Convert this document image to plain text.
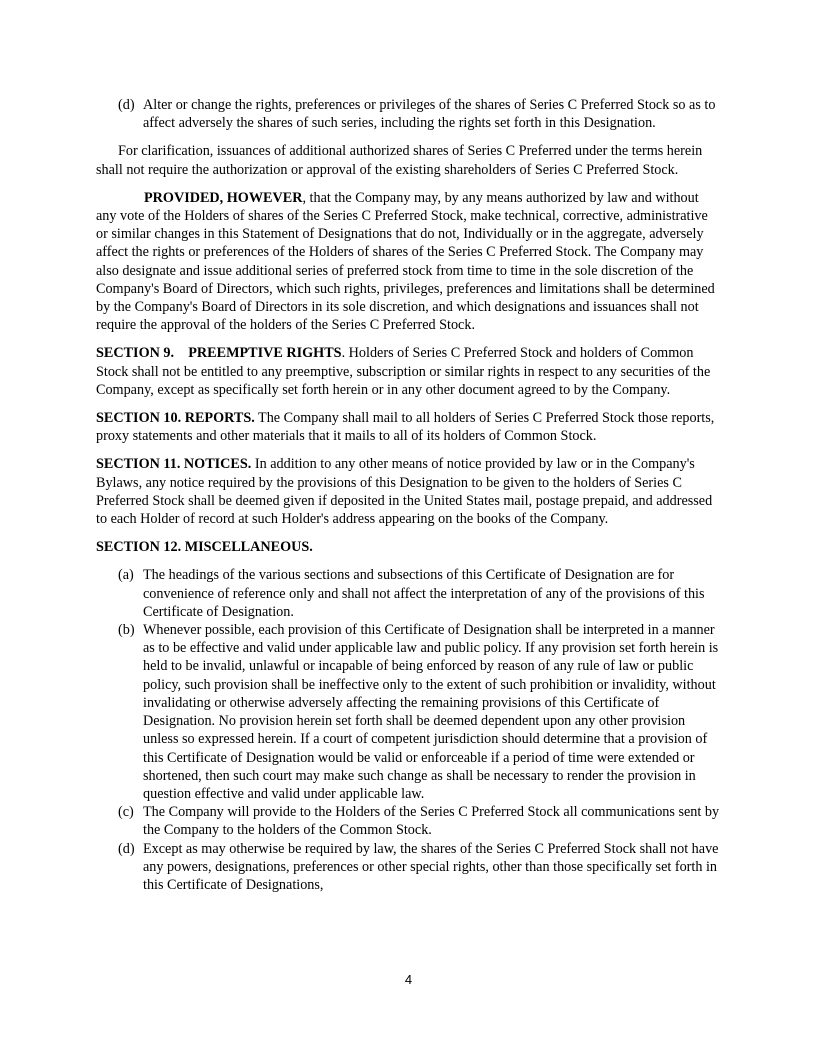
(d) Alter or change the rights, preferences or privileges of the shares of Series C Preferred Stock so as to affect adversely the shares of such series, including the rights set forth in this Designation.

For clarification, issuances of additional authorized shares of Series C Preferred under the terms herein shall not require the authorization or approval of the existing shareholders of Series C Preferred Stock.

PROVIDED, HOWEVER, that the Company may, by any means authorized by law and without any vote of the Holders of shares of the Series C Preferred Stock, make technical, corrective, administrative or similar changes in this Statement of Designations that do not, Individually or in the aggregate, adversely affect the rights or preferences of the Holders of shares of the Series C Preferred Stock. The Company may also designate and issue additional series of preferred stock from time to time in the sole discretion of the Company's Board of Directors, which such rights, privileges, preferences and limitations shall be determined by the Company's Board of Directors in its sole discretion, and which designations and issuances shall not require the approval of the holders of the Series C Preferred Stock.

SECTION 9.    PREEMPTIVE RIGHTS. Holders of Series C Preferred Stock and holders of Common Stock shall not be entitled to any preemptive, subscription or similar rights in respect to any securities of the Company, except as specifically set forth herein or in any other document agreed to by the Company.

SECTION 10. REPORTS. The Company shall mail to all holders of Series C Preferred Stock those reports, proxy statements and other materials that it mails to all of its holders of Common Stock.

SECTION 11. NOTICES. In addition to any other means of notice provided by law or in the Company's Bylaws, any notice required by the provisions of this Designation to be given to the holders of Series C Preferred Stock shall be deemed given if deposited in the United States mail, postage prepaid, and addressed to each Holder of record at such Holder's address appearing on the books of the Company.

SECTION 12. MISCELLANEOUS.

(a) The headings of the various sections and subsections of this Certificate of Designation are for convenience of reference only and shall not affect the interpretation of any of the provisions of this Certificate of Designation.
(b) Whenever possible, each provision of this Certificate of Designation shall be interpreted in a manner as to be effective and valid under applicable law and public policy. If any provision set forth herein is held to be invalid, unlawful or incapable of being enforced by reason of any rule of law or public policy, such provision shall be ineffective only to the extent of such prohibition or invalidity, without invalidating or otherwise adversely affecting the remaining provisions of this Certificate of Designation. No provision herein set forth shall be deemed dependent upon any other provision unless so expressed herein. If a court of competent jurisdiction should determine that a provision of this Certificate of Designation would be valid or enforceable if a period of time were extended or shortened, then such court may make such change as shall be necessary to render the provision in question effective and valid under applicable law.
(c) The Company will provide to the Holders of the Series C Preferred Stock all communications sent by the Company to the holders of the Common Stock.
(d) Except as may otherwise be required by law, the shares of the Series C Preferred Stock shall not have any powers, designations, preferences or other special rights, other than those specifically set forth in this Certificate of Designations,
4
